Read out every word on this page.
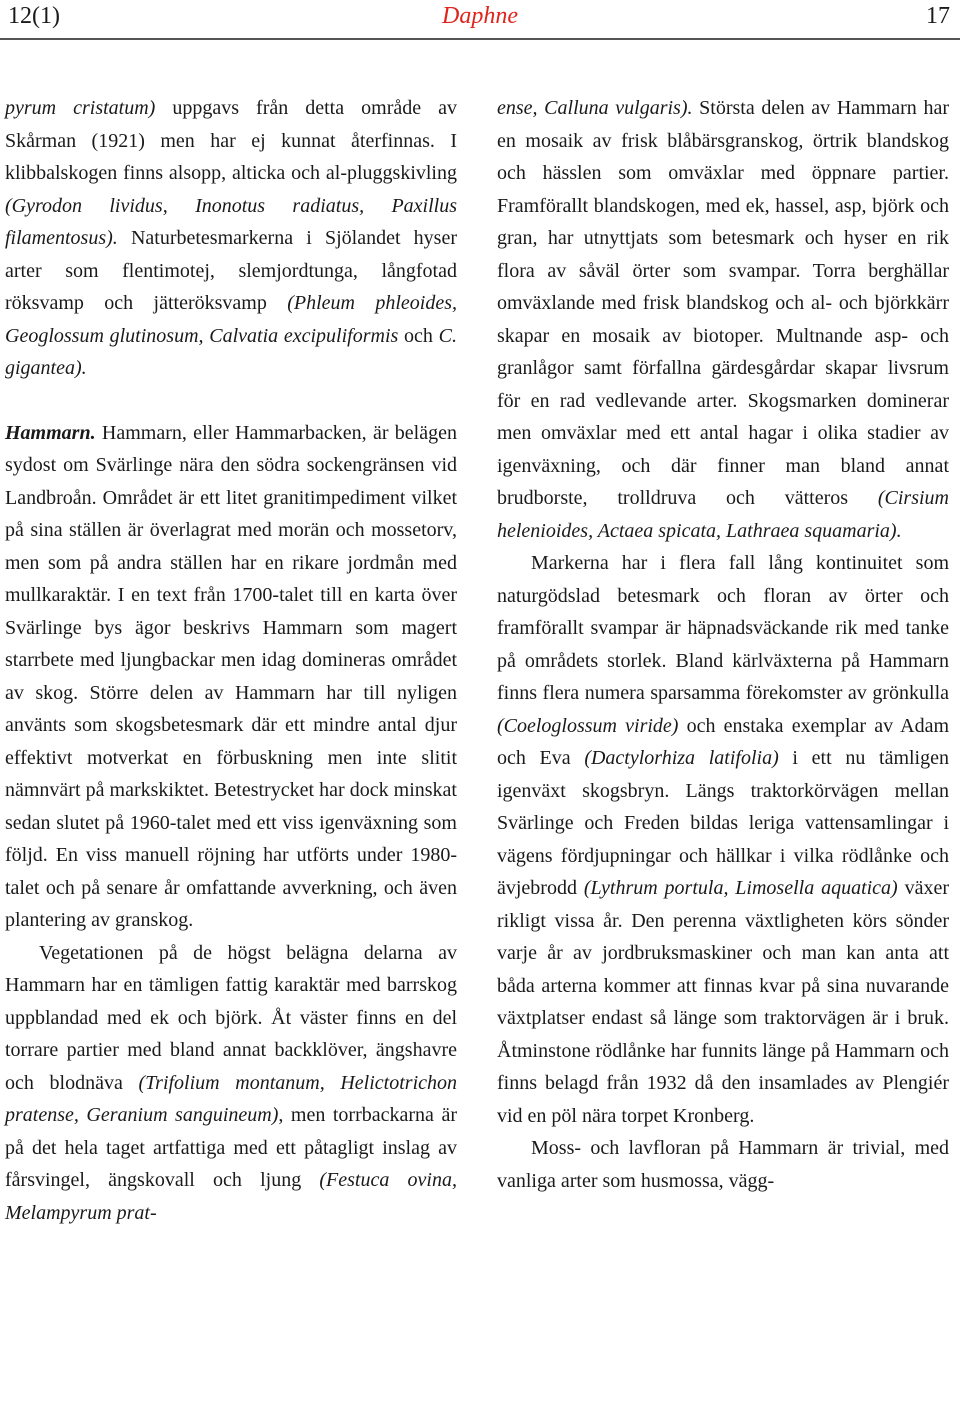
12(1)	Daphne	17

pyrum cristatum) uppgavs från detta område av Skårman (1921) men har ej kunnat återfinnas. I klibbalskogen finns alsopp, alticka och al-pluggskivling (Gyrodon lividus, Inonotus radiatus, Paxillus filamentosus). Naturbetesmarkerna i Sjölandet hyser arter som flentimotej, slemjordtunga, långfotad röksvamp och jätteröksvamp (Phleum phleoides, Geoglossum glutinosum, Calvatia excipuliformis och C. gigantea).

Hammarn. Hammarn, eller Hammarbacken, är belägen sydost om Svärlinge nära den södra sockengränsen vid Landbroån. Området är ett litet granitimpediment vilket på sina ställen är överlagrat med morän och mossetorv, men som på andra ställen har en rikare jordmån med mullkaraktär. I en text från 1700-talet till en karta över Svärlinge bys ägor beskrivs Hammarn som magert starrbete med ljungbackar men idag domineras området av skog. Större delen av Hammarn har till nyligen använts som skogsbetesmark där ett mindre antal djur effektivt motverkat en förbuskning men inte slitit nämnvärt på markskiktet. Betestrycket har dock minskat sedan slutet på 1960-talet med ett viss igenväxning som följd. En viss manuell röjning har utförts under 1980-talet och på senare år omfattande avverkning, och även plantering av granskog.

Vegetationen på de högst belägna delarna av Hammarn har en tämligen fattig karaktär med barrskog uppblandad med ek och björk. Åt väster finns en del torrare partier med bland annat backklöver, ängshavre och blodnäva (Trifolium montanum, Helictotrichon pratense, Geranium sanguineum), men torrbackarna är på det hela taget artfattiga med ett påtagligt inslag av fårsvingel, ängskovall och ljung (Festuca ovina, Melampyrum prat-

ense, Calluna vulgaris). Största delen av Hammarn har en mosaik av frisk blåbärsgranskog, örtrik blandskog och hässlen som omväxlar med öppnare partier. Framförallt blandskogen, med ek, hassel, asp, björk och gran, har utnyttjats som betesmark och hyser en rik flora av såväl örter som svampar. Torra berghällar omväxlande med frisk blandskog och al- och björkkärr skapar en mosaik av biotoper. Multnande asp- och granlågor samt förfallna gärdesgårdar skapar livsrum för en rad vedlevande arter. Skogsmarken dominerar men omväxlar med ett antal hagar i olika stadier av igenväxning, och där finner man bland annat brudborste, trolldruva och vätteros (Cirsium helenioides, Actaea spicata, Lathraea squamaria).

Markerna har i flera fall lång kontinuitet som naturgödslad betesmark och floran av örter och framförallt svampar är häpnadsväckande rik med tanke på områdets storlek. Bland kärlväxterna på Hammarn finns flera numera sparsamma förekomster av grönkulla (Coeloglossum viride) och enstaka exemplar av Adam och Eva (Dactylorhiza latifolia) i ett nu tämligen igenväxt skogsbryn. Längs traktorkörvägen mellan Svärlinge och Freden bildas leriga vattensamlingar i vägens fördjupningar och hällkar i vilka rödlånke och ävjebrodd (Lythrum portula, Limosella aquatica) växer rikligt vissa år. Den perenna växtligheten körs sönder varje år av jordbruksmaskiner och man kan anta att båda arterna kommer att finnas kvar på sina nuvarande växtplatser endast så länge som traktorvägen är i bruk. Åtminstone rödlånke har funnits länge på Hammarn och finns belagd från 1932 då den insamlades av Plengiér vid en pöl nära torpet Kronberg.

Moss- och lavfloran på Hammarn är trivial, med vanliga arter som husmossa, vägg-
